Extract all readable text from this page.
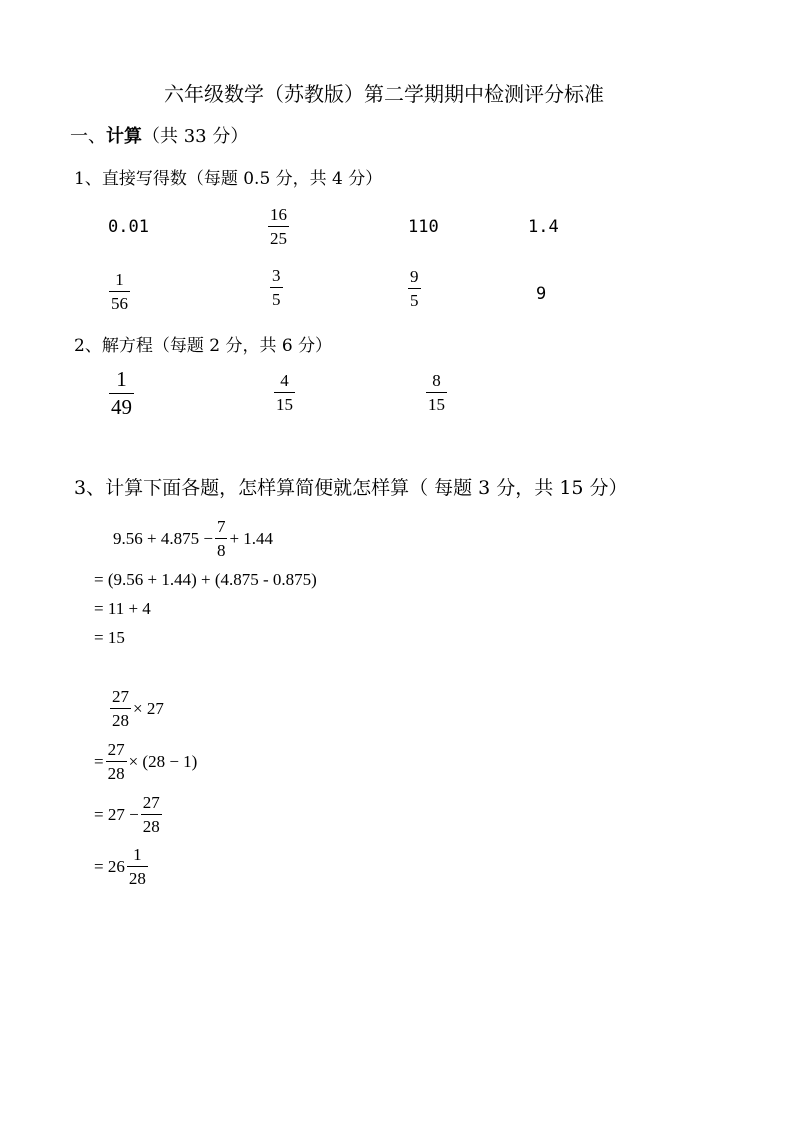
六年级数学（苏教版）第二学期期中检测评分标准
一、计算（共 33 分）
1、直接写得数（每题 0.5 分，共 4 分）
0.01	$\frac{16}{25}$	110	1.4
$\frac{1}{56}$	$\frac{3}{5}$	$\frac{9}{5}$	9
2、解方程（每题 2 分，共 6 分）
$\frac{1}{49}$	$\frac{4}{15}$	$\frac{8}{15}$
3、计算下面各题，怎样算简便就怎样算（ 每题 3 分，共 15 分）
$9.56 + 4.875 - \frac{7}{8} + 1.44$
= (9.56 + 1.44) + (4.875 - 0.875)
= 11 + 4
= 15
$\frac{27}{28} \times 27$
= $\frac{27}{28} \times (28 - 1)$
= $27 - \frac{27}{28}$
= $26 \frac{1}{28}$
